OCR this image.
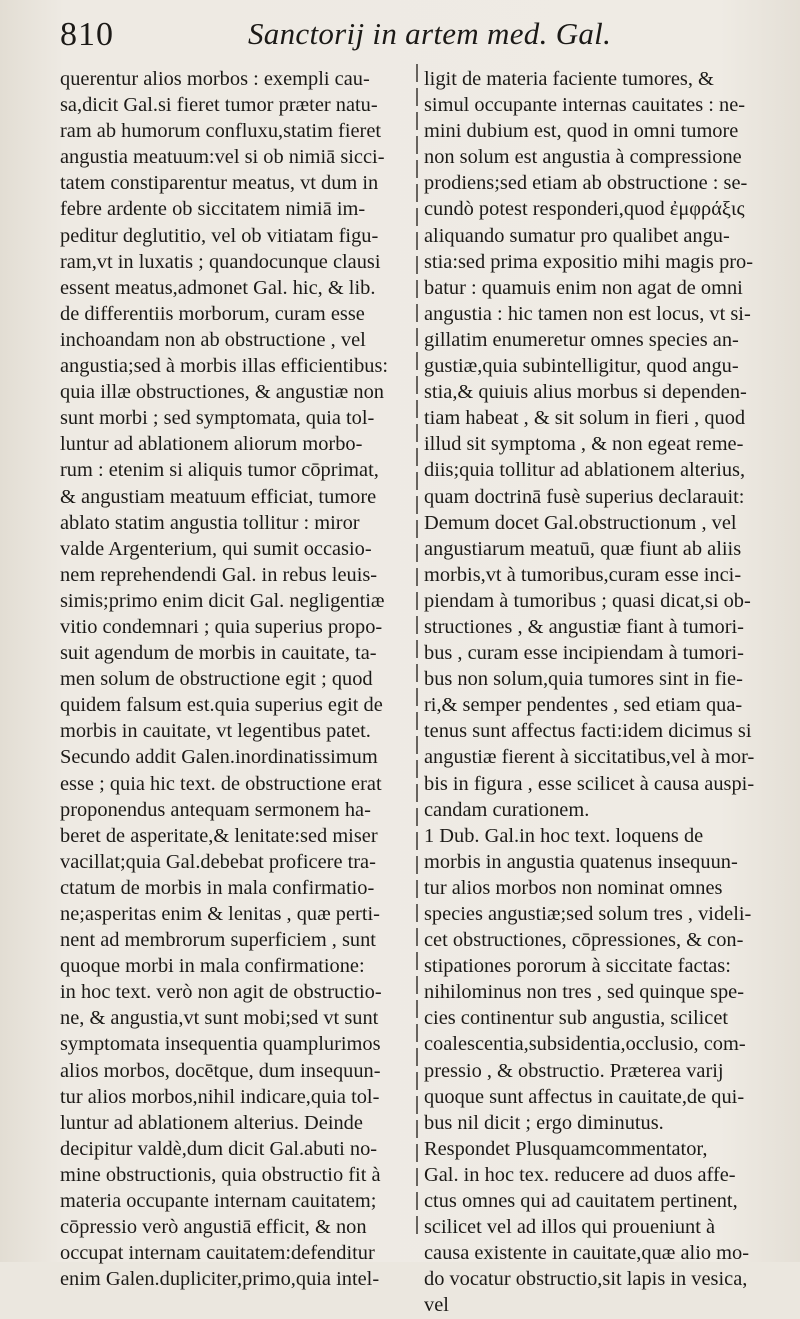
810	Sanctorij in artem med. Gal.
querentur alios morbos : exempli cau-
sa,dicit Gal.si fieret tumor præter natu-
ram ab humorum confluxu,statim fieret
angustia meatuum:vel si ob nimiā sicci-
tatem constiparentur meatus, vt dum in
febre ardente ob siccitatem nimiā im-
peditur deglutitio, vel ob vitiatam figu-
ram,vt in luxatis ; quandocunque clausi
essent meatus,admonet Gal. hic, & lib.
de differentiis morborum, curam esse
inchoandam non ab obstructione , vel
angustia;sed à morbis illas efficientibus:
quia illæ obstructiones, & angustiæ non
sunt morbi ; sed symptomata, quia tol-
luntur ad ablationem aliorum morbo-
rum : etenim si aliquis tumor cōprimat,
& angustiam meatuum efficiat, tumore
ablato statim angustia tollitur : miror
valde Argenterium, qui sumit occasio-
nem reprehendendi Gal. in rebus leuis-
simis;primo enim dicit Gal. negligentiæ
vitio condemnari ; quia superius propo-
suit agendum de morbis in cauitate, ta-
men solum de obstructione egit ; quod
quidem falsum est.quia superius egit de
morbis in cauitate, vt legentibus patet.
Secundo addit Galen.inordinatissimum
esse ; quia hic text. de obstructione erat
proponendus antequam sermonem ha-
beret de asperitate,& lenitate:sed miser
vacillat;quia Gal.debebat proficere tra-
ctatum de morbis in mala confirmatio-
ne;asperitas enim & lenitas , quæ perti-
nent ad membrorum superficiem , sunt
quoque morbi in mala confirmatione:
in hoc text. verò non agit de obstructio-
ne, & angustia,vt sunt mobi;sed vt sunt
symptomata insequentia quamplurimos
alios morbos, docētque, dum insequun-
tur alios morbos,nihil indicare,quia tol-
luntur ad ablationem alterius. Deinde
decipitur valdè,dum dicit Gal.abuti no-
mine obstructionis, quia obstructio fit à
materia occupante internam cauitatem;
cōpressio verò angustiā efficit, & non
occupat internam cauitatem:defenditur
enim Galen.dupliciter,primo,quia intel-
ligit de materia faciente tumores, &
simul occupante internas cauitates : ne-
mini dubium est, quod in omni tumore
non solum est angustia à compressione
prodiens;sed etiam ab obstructione : se-
cundò potest responderi,quod ἐμφράξις
aliquando sumatur pro qualibet angu-
stia:sed prima expositio mihi magis pro-
batur : quamuis enim non agat de omni
angustia : hic tamen non est locus, vt si-
gillatim enumeretur omnes species an-
gustiæ,quia subintelligitur, quod angu-
stia,& quiuis alius morbus si dependen-
tiam habeat , & sit solum in fieri , quod
illud sit symptoma , & non egeat reme-
diis;quia tollitur ad ablationem alterius,
quam doctrinā fusè superius declarauit:
Demum docet Gal.obstructionum , vel
angustiarum meatuū, quæ fiunt ab aliis
morbis,vt à tumoribus,curam esse inci-
piendam à tumoribus ; quasi dicat,si ob-
structiones , & angustiæ fiant à tumori-
bus , curam esse incipiendam à tumori-
bus non solum,quia tumores sint in fie-
ri,& semper pendentes , sed etiam qua-
tenus sunt affectus facti:idem dicimus si
angustiæ fierent à siccitatibus,vel à mor-
bis in figura , esse scilicet à causa auspi-
candam curationem.
1 Dub. Gal.in hoc text. loquens de
morbis in angustia quatenus insequun-
tur alios morbos non nominat omnes
species angustiæ;sed solum tres , videli-
cet obstructiones, cōpressiones, & con-
stipationes pororum à siccitate factas:
nihilominus non tres , sed quinque spe-
cies continentur sub angustia, scilicet
coalescentia,subsidentia,occlusio, com-
pressio , & obstructio. Præterea varij
quoque sunt affectus in cauitate,de qui-
bus nil dicit ; ergo diminutus.
Respondet Plusquamcommentator,
Gal. in hoc tex. reducere ad duos affe-
ctus omnes qui ad cauitatem pertinent,
scilicet vel ad illos qui proueniunt à
causa existente in cauitate,quæ alio mo-
do vocatur obstructio,sit lapis in vesica,
vel
